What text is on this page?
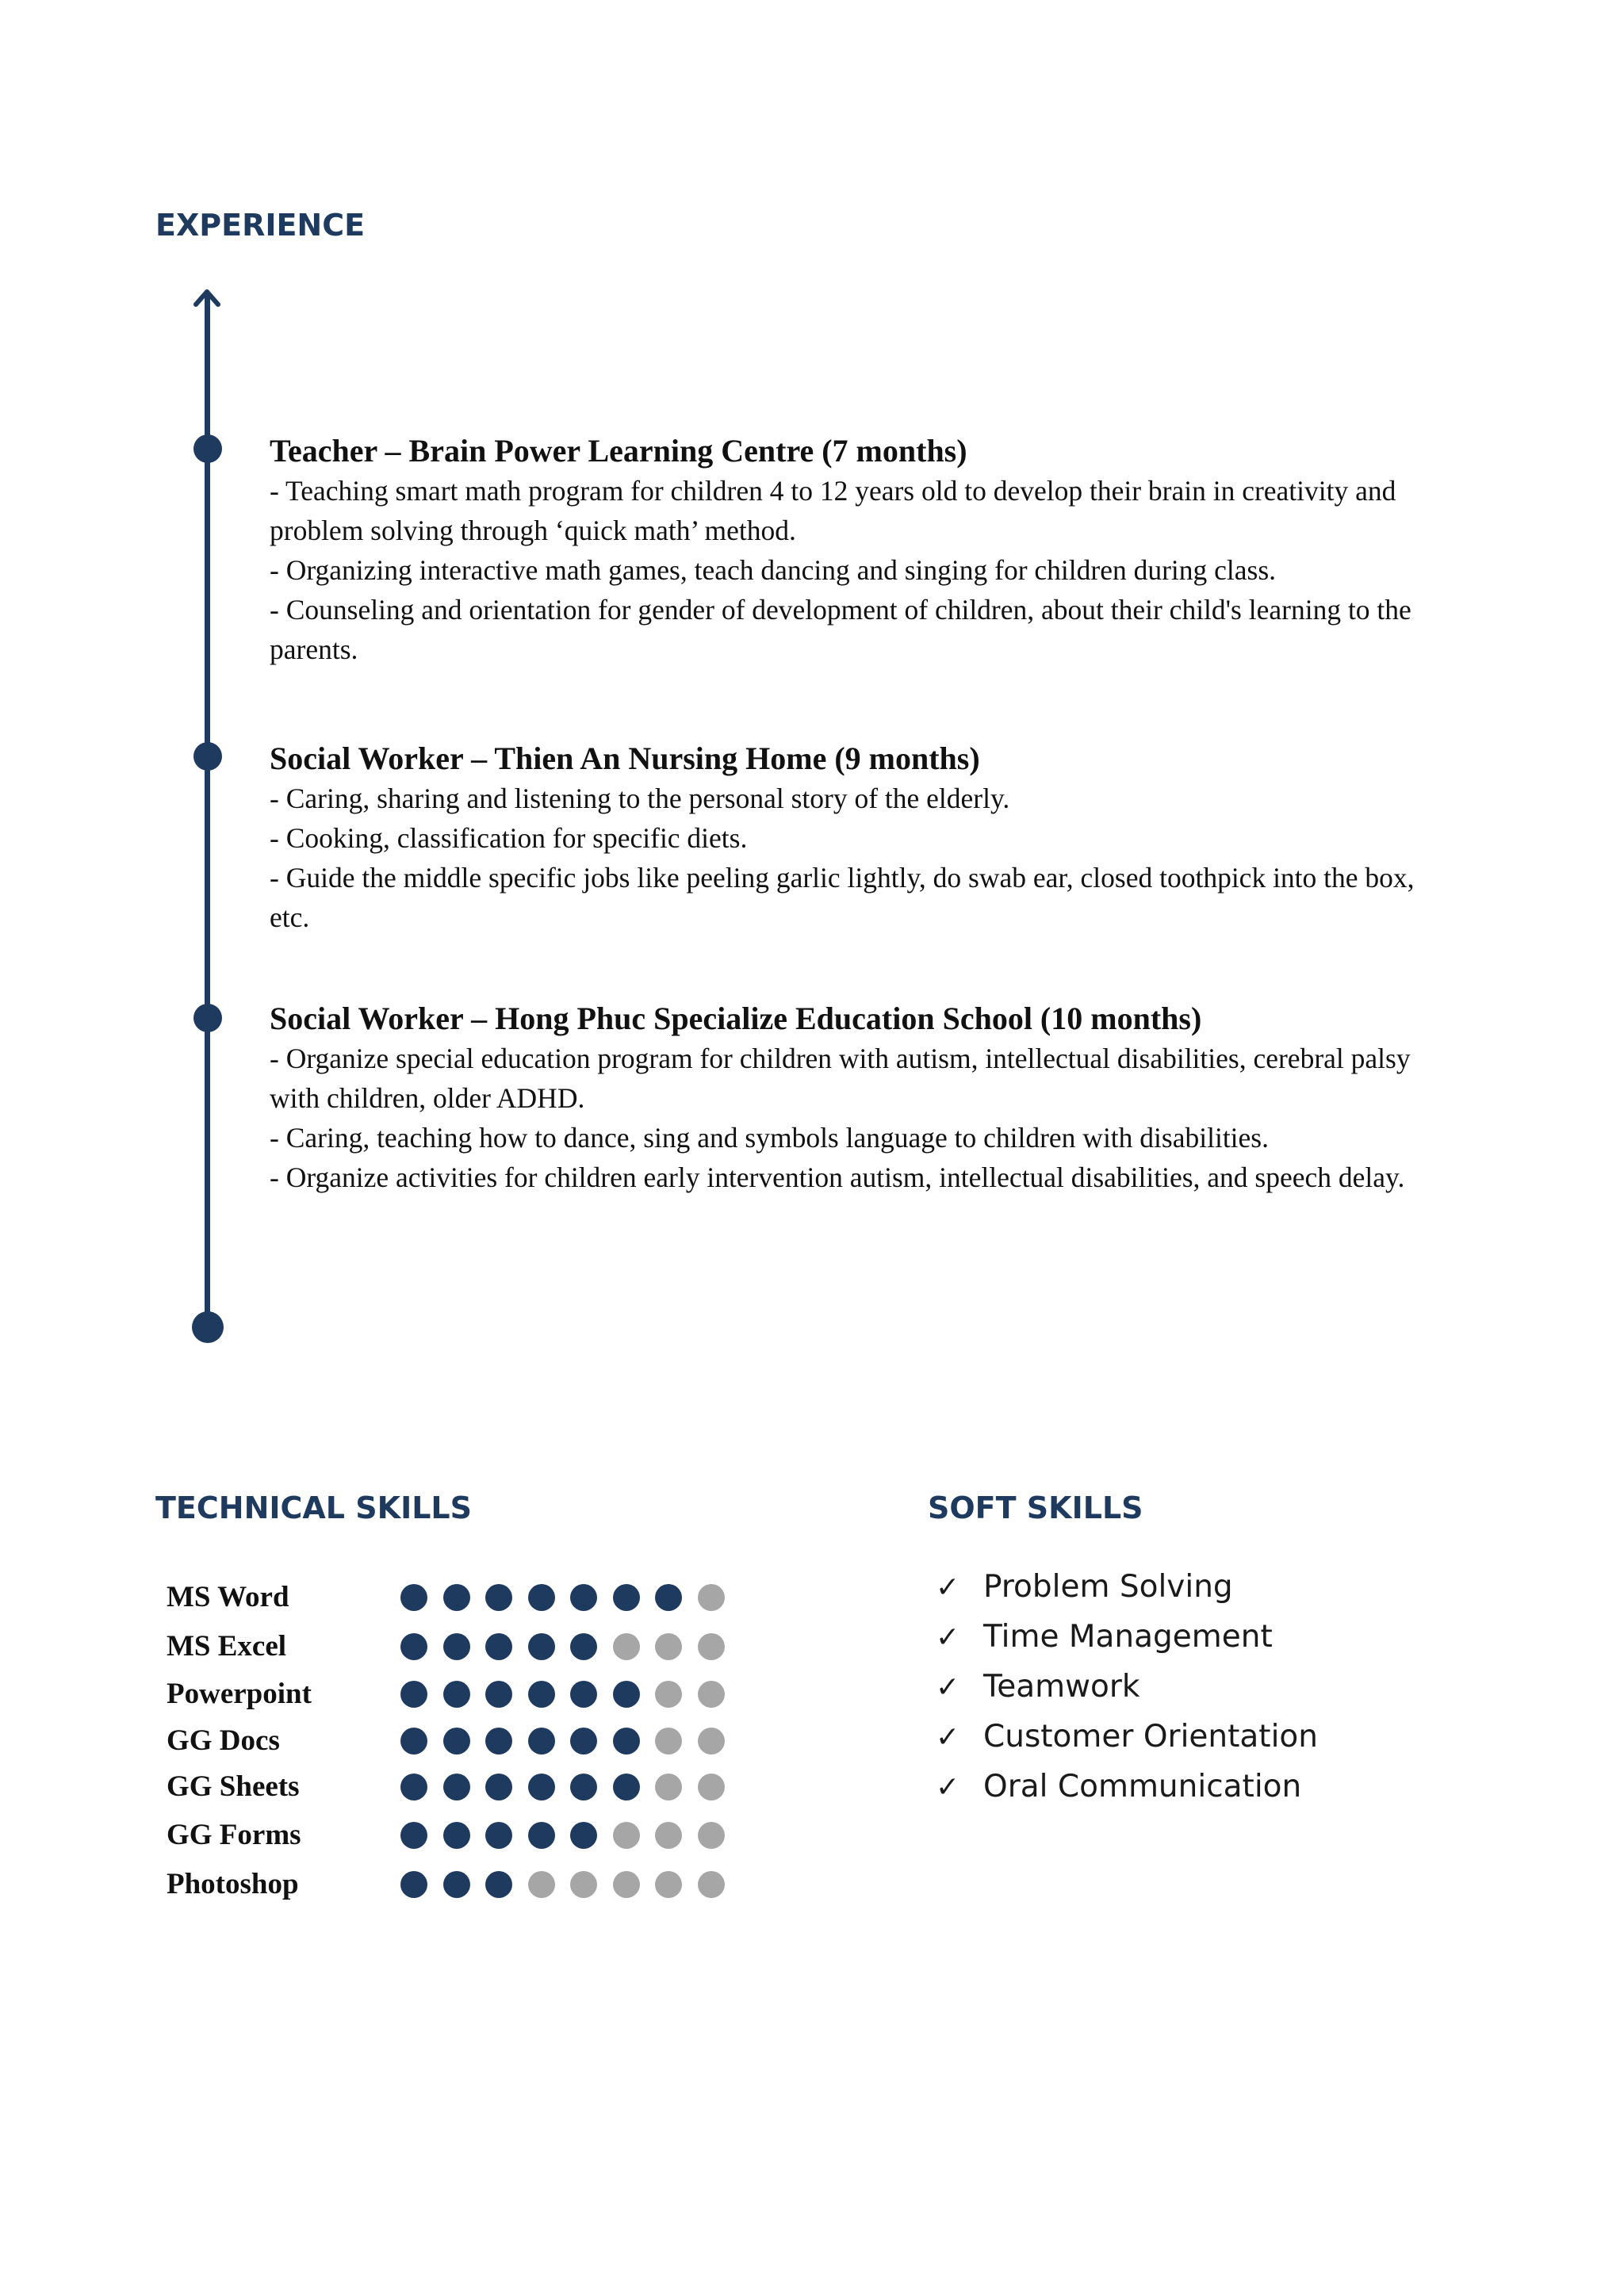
EXPERIENCE
TECHNICAL SKILLS	SOFT SKILLS

Teacher – Brain Power Learning Centre (7 months)

- Teaching smart math program for children 4 to 12 years old to develop their brain in creativity and problem solving through ‘quick math’ method.

- Organizing interactive math games, teach dancing and singing for children during class.

- Counseling and orientation for gender of development of children, about their child's learning to the parents.

Social Worker – Thien An Nursing Home (9 months)

- Caring, sharing and listening to the personal story of the elderly.

- Cooking, classification for specific diets.

- Guide the middle specific jobs like peeling garlic lightly, do swab ear, closed toothpick into the box, etc.

Social Worker – Hong Phuc Specialize Education School (10 months)

- Organize special education program for children with autism, intellectual disabilities, cerebral palsy with children, older ADHD.

- Caring, teaching how to dance, sing and symbols language to children with disabilities.

- Organize activities for children early intervention autism, intellectual disabilities, and speech delay.

MS Word
MS Excel
Powerpoint
GG Docs
GG Sheets
GG Forms
Photoshop
✓ Problem Solving
✓ Time Management
✓ Teamwork
✓ Customer Orientation
✓ Oral Communication
